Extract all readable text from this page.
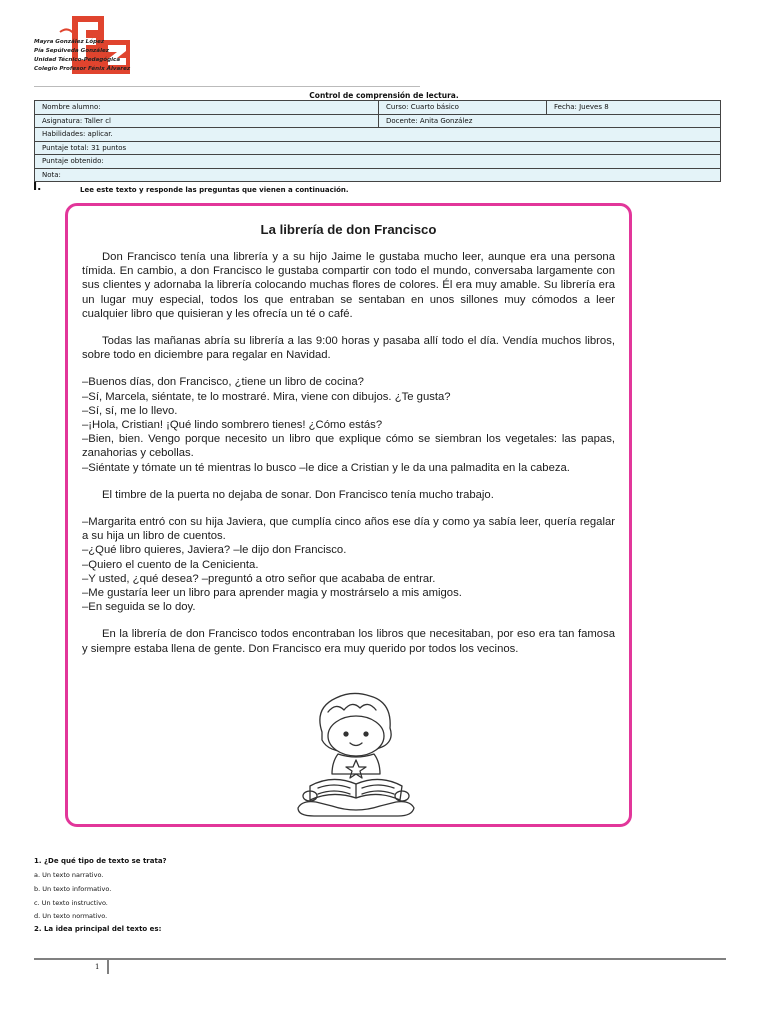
Mayra González López
Pía Sepúlveda González
Unidad Técnico-Pedagógica
Colegio Profesor Fénix Álvarez
Control de comprensión de lectura.
Nombre alumno:	Curso: Cuarto básico	Fecha: Jueves 8
Asignatura: Taller cl	Docente: Anita González	
Habilidades: aplicar.		
Puntaje total: 31 puntos		
Puntaje obtenido:		
Nota:		
I.	Lee este texto y responde las preguntas que vienen a continuación.
La librería de don Francisco

Don Francisco tenía una librería y a su hijo Jaime le gustaba mucho leer, aunque era una persona tímida. En cambio, a don Francisco le gustaba compartir con todo el mundo, conversaba largamente con sus clientes y adornaba la librería colocando muchas flores de colores. Él era muy amable. Su librería era un lugar muy especial, todos los que entraban se sentaban en unos sillones muy cómodos a leer cualquier libro que quisieran y les ofrecía un té o café.

Todas las mañanas abría su librería a las 9:00 horas y pasaba allí todo el día. Vendía muchos libros, sobre todo en diciembre para regalar en Navidad.

–Buenos días, don Francisco, ¿tiene un libro de cocina?
–Sí, Marcela, siéntate, te lo mostraré. Mira, viene con dibujos. ¿Te gusta?
–Sí, sí, me lo llevo.
–¡Hola, Cristian! ¡Qué lindo sombrero tienes! ¿Cómo estás?
–Bien, bien. Vengo porque necesito un libro que explique cómo se siembran los vegetales: las papas, zanahorias y cebollas.
–Siéntate y tómate un té mientras lo busco –le dice a Cristian y le da una palmadita en la cabeza.

El timbre de la puerta no dejaba de sonar. Don Francisco tenía mucho trabajo.

–Margarita entró con su hija Javiera, que cumplía cinco años ese día y como ya sabía leer, quería regalar a su hija un libro de cuentos.
–¿Qué libro quieres, Javiera? –le dijo don Francisco.
–Quiero el cuento de la Cenicienta.
–Y usted, ¿qué desea? –preguntó a otro señor que acababa de entrar.
–Me gustaría leer un libro para aprender magia y mostrárselo a mis amigos.
–En seguida se lo doy.

En la librería de don Francisco todos encontraban los libros que necesitaban, por eso era tan famosa y siempre estaba llena de gente. Don Francisco era muy querido por todos los vecinos.

1. ¿De qué tipo de texto se trata?
a. Un texto narrativo.
b. Un texto informativo.
c. Un texto instructivo.
d. Un texto normativo.
2. La idea principal del texto es:
1
